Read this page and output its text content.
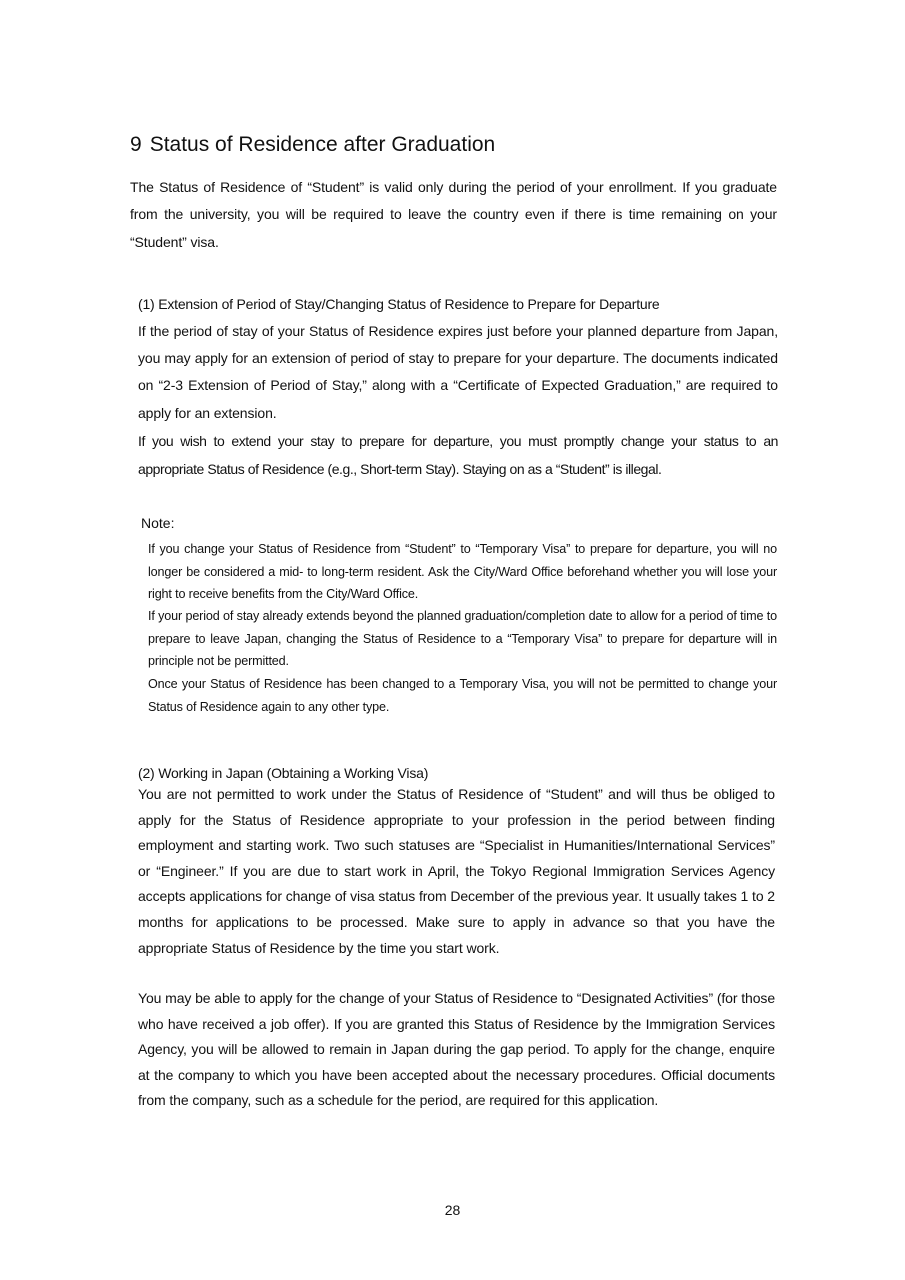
9 Status of Residence after Graduation

The Status of Residence of “Student” is valid only during the period of your enrollment. If you graduate from the university, you will be required to leave the country even if there is time remaining on your “Student” visa.

(1) Extension of Period of Stay/Changing Status of Residence to Prepare for Departure

If the period of stay of your Status of Residence expires just before your planned departure from Japan, you may apply for an extension of period of stay to prepare for your departure. The documents indicated on “2-3 Extension of Period of Stay,” along with a “Certificate of Expected Graduation,” are required to apply for an extension.

If you wish to extend your stay to prepare for departure, you must promptly change your status to an appropriate Status of Residence (e.g., Short-term Stay). Staying on as a “Student” is illegal.

Note:

If you change your Status of Residence from “Student” to “Temporary Visa” to prepare for departure, you will no longer be considered a mid- to long-term resident. Ask the City/Ward Office beforehand whether you will lose your right to receive benefits from the City/Ward Office.

If your period of stay already extends beyond the planned graduation/completion date to allow for a period of time to prepare to leave Japan, changing the Status of Residence to a “Temporary Visa” to prepare for departure will in principle not be permitted.

Once your Status of Residence has been changed to a Temporary Visa, you will not be permitted to change your Status of Residence again to any other type.

(2) Working in Japan (Obtaining a Working Visa)

You are not permitted to work under the Status of Residence of “Student” and will thus be obliged to apply for the Status of Residence appropriate to your profession in the period between finding employment and starting work. Two such statuses are “Specialist in Humanities/International Services” or “Engineer.” If you are due to start work in April, the Tokyo Regional Immigration Services Agency accepts applications for change of visa status from December of the previous year. It usually takes 1 to 2 months for applications to be processed. Make sure to apply in advance so that you have the appropriate Status of Residence by the time you start work.

You may be able to apply for the change of your Status of Residence to “Designated Activities” (for those who have received a job offer). If you are granted this Status of Residence by the Immigration Services Agency, you will be allowed to remain in Japan during the gap period. To apply for the change, enquire at the company to which you have been accepted about the necessary procedures. Official documents from the company, such as a schedule for the period, are required for this application.

28
